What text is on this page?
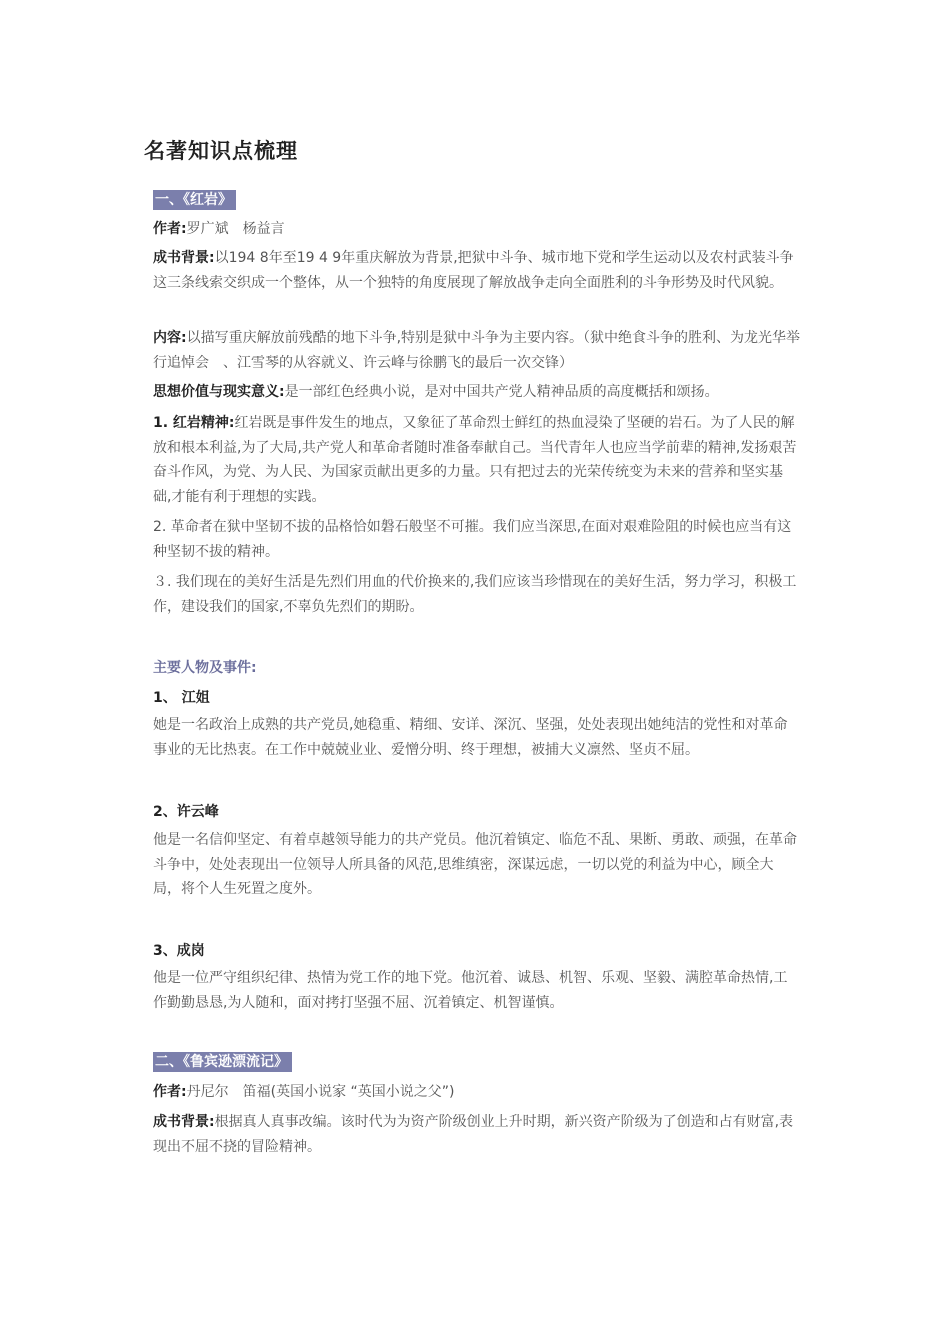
名著知识点梳理
一、《红岩》
作者:罗广斌　杨益言
成书背景:以194 8年至19 4 9年重庆解放为背景,把狱中斗争、城市地下党和学生运动以及农村武装斗争这三条线索交织成一个整体，从一个独特的角度展现了解放战争走向全面胜利的斗争形势及时代风貌。
内容:以描写重庆解放前残酷的地下斗争,特别是狱中斗争为主要内容。（狱中绝食斗争的胜利、为龙光华举行追悼会　、江雪琴的从容就义、许云峰与徐鹏飞的最后一次交锋）
思想价值与现实意义:是一部红色经典小说，是对中国共产党人精神品质的高度概括和颂扬。
1. 红岩精神:红岩既是事件发生的地点，又象征了革命烈士鲜红的热血浸染了坚硬的岩石。为了人民的解放和根本利益,为了大局,共产党人和革命者随时准备奉献自己。当代青年人也应当学前辈的精神,发扬艰苦奋斗作风，为党、为人民、为国家贡献出更多的力量。只有把过去的光荣传统变为未来的营养和坚实基础,才能有利于理想的实践。
2. 革命者在狱中坚韧不拔的品格恰如磐石般坚不可摧。我们应当深思,在面对艰难险阻的时候也应当有这种坚韧不拔的精神。
３. 我们现在的美好生活是先烈们用血的代价换来的,我们应该当珍惜现在的美好生活，努力学习，积极工作，建设我们的国家,不辜负先烈们的期盼。
主要人物及事件:
1、 江姐
她是一名政治上成熟的共产党员,她稳重、精细、安详、深沉、坚强，处处表现出她纯洁的党性和对革命事业的无比热衷。在工作中兢兢业业、爱憎分明、终于理想，被捕大义凛然、坚贞不屈。
2、许云峰
他是一名信仰坚定、有着卓越领导能力的共产党员。他沉着镇定、临危不乱、果断、勇敢、顽强，在革命斗争中，处处表现出一位领导人所具备的风范,思维缜密，深谋远虑，一切以党的利益为中心，顾全大局，将个人生死置之度外。
3、成岗
他是一位严守组织纪律、热情为党工作的地下党。他沉着、诚恳、机智、乐观、坚毅、满腔革命热情,工作勤勤恳恳,为人随和，面对拷打坚强不屈、沉着镇定、机智谨慎。
二、《鲁宾逊漂流记》
作者:丹尼尔　笛福(英国小说家 “英国小说之父”)
成书背景:根据真人真事改编。该时代为为资产阶级创业上升时期，新兴资产阶级为了创造和占有财富,表现出不屈不挠的冒险精神。
